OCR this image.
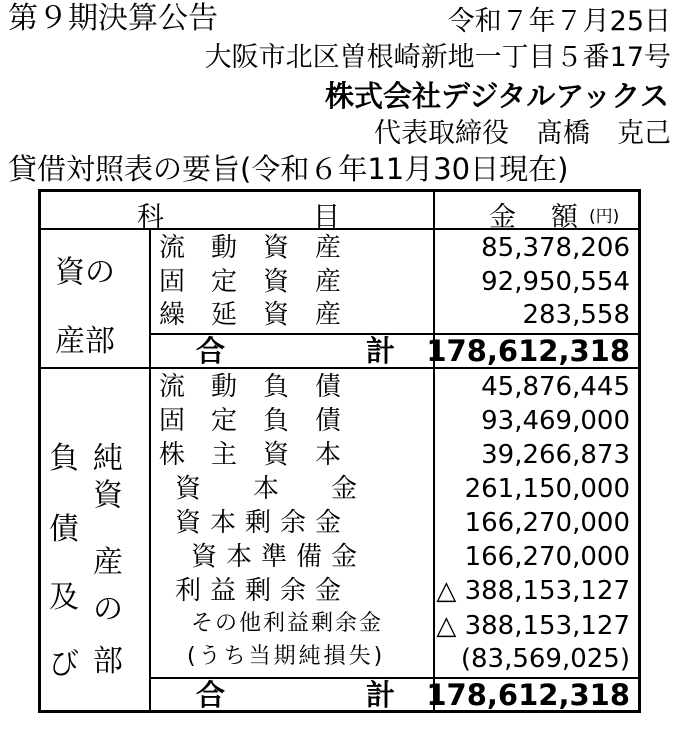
第９期決算公告	令和７年７月25日
大阪市北区曽根崎新地一丁目５番17号
株式会社デジタルアックス
代表取締役　髙橋　克己
貸借対照表の要旨(令和６年11月30日現在)
科	目	金 額 (円)
資の
産部
流　動　資　産	85,378,206
固　定　資　産	92,950,554
繰　延　資　産	283,558
合	計 178,612,318
負
債
及
び
純
資
産
の
部
流　動　負　債	45,876,445
固　定　負　債	93,469,000
株　主　資　本	39,266,873
資　　本　　金	261,150,000
資本剰余金	166,270,000
資本準備金	166,270,000
利益剰余金	△ 388,153,127
その他利益剰余金 △ 388,153,127
(うち当期純損失)	(83,569,025)
合	計 178,612,318
